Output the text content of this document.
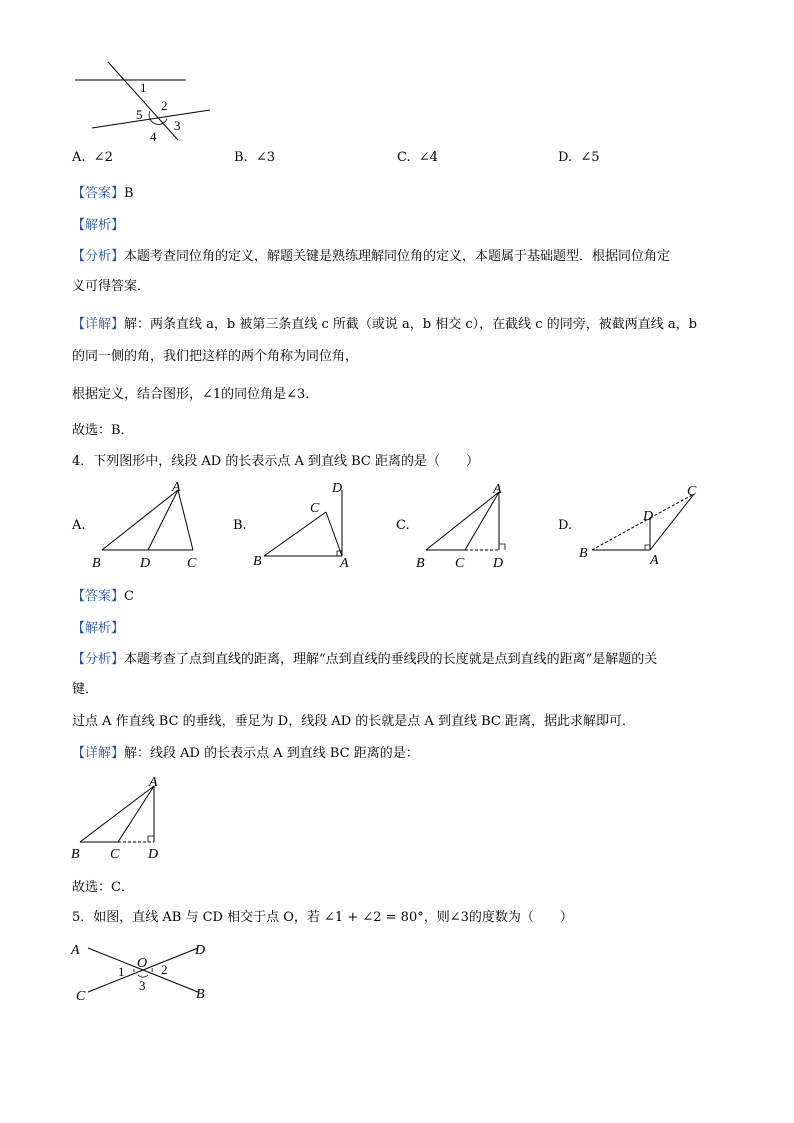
1
2
3
4
5
A. ∠2	B. ∠3	C. ∠4	D. ∠5
【答案】B
【解析】
【分析】本题考查同位角的定义，解题关键是熟练理解同位角的定义，本题属于基础题型．根据同位角定
义可得答案．
【详解】解：两条直线 a，b 被第三条直线 c 所截（或说 a，b 相交 c），在截线 c 的同旁，被截两直线 a，b
的同一侧的角，我们把这样的两个角称为同位角，
根据定义，结合图形，∠1的同位角是∠3．
故选：B．
4．下列图形中，线段 AD 的长表示点 A 到直线 BC 距离的是（　　）
A.
A
B	D	C
B.
D
C
B	A
C.
A
B C D
D.
C
D
B	A
【答案】C
【解析】
【分析】本题考查了点到直线的距离，理解“点到直线的垂线段的长度就是点到直线的距离”是解题的关
键．
过点 A 作直线 BC 的垂线，垂足为 D，线段 AD 的长就是点 A 到直线 BC 距离，据此求解即可．
【详解】解：线段 AD 的长表示点 A 到直线 BC 距离的是：
A
B C D
故选：C．
5．如图，直线 AB 与 CD 相交于点 O，若 ∠1 + ∠2 = 80°，则∠3的度数为（　　）
A	D
O
1	2
3
C	B
